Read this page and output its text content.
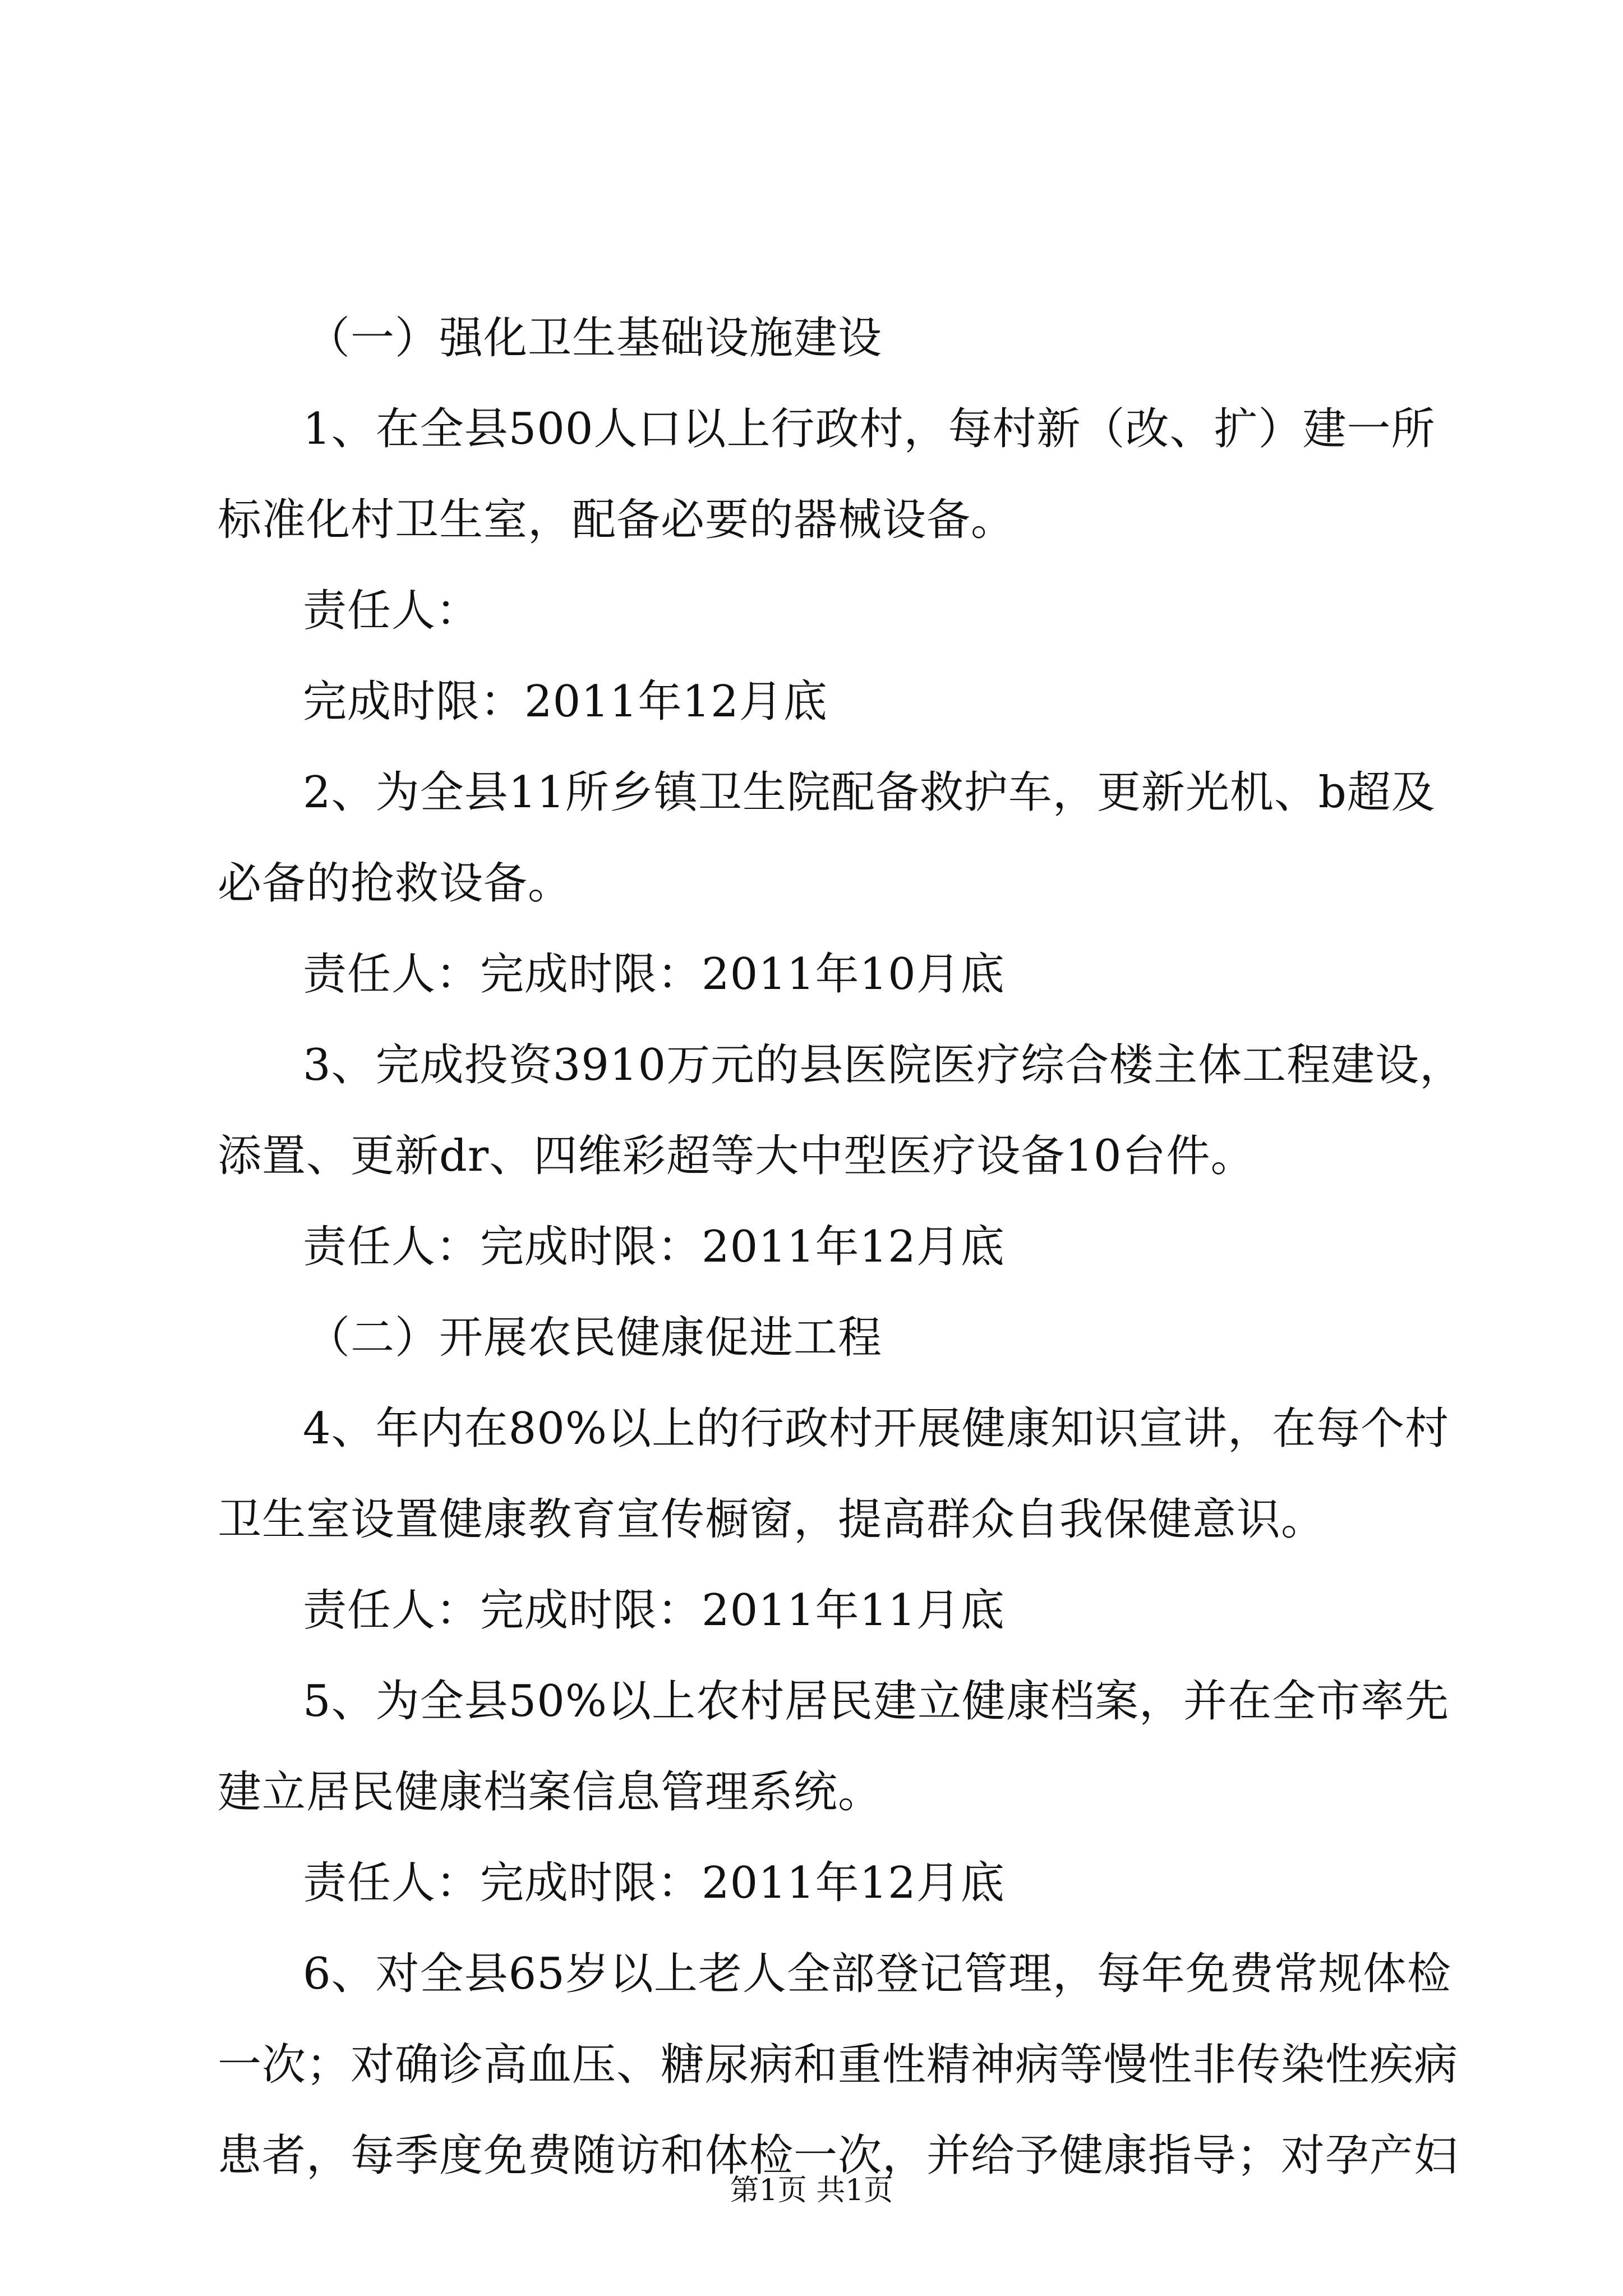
（一）强化卫生基础设施建设
1、在全县500人口以上行政村，每村新（改、扩）建一所
标准化村卫生室，配备必要的器械设备。
责任人：
完成时限：2011年12月底
2、为全县11所乡镇卫生院配备救护车，更新光机、b超及
必备的抢救设备。
责任人：完成时限：2011年10月底
3、完成投资3910万元的县医院医疗综合楼主体工程建设，
添置、更新dr、四维彩超等大中型医疗设备10台件。
责任人：完成时限：2011年12月底
（二）开展农民健康促进工程
4、年内在80%以上的行政村开展健康知识宣讲，在每个村
卫生室设置健康教育宣传橱窗，提高群众自我保健意识。
责任人：完成时限：2011年11月底
5、为全县50%以上农村居民建立健康档案，并在全市率先
建立居民健康档案信息管理系统。
责任人：完成时限：2011年12月底
6、对全县65岁以上老人全部登记管理，每年免费常规体检
一次；对确诊高血压、糖尿病和重性精神病等慢性非传染性疾病
患者，每季度免费随访和体检一次，并给予健康指导；对孕产妇
第1页 共1页
